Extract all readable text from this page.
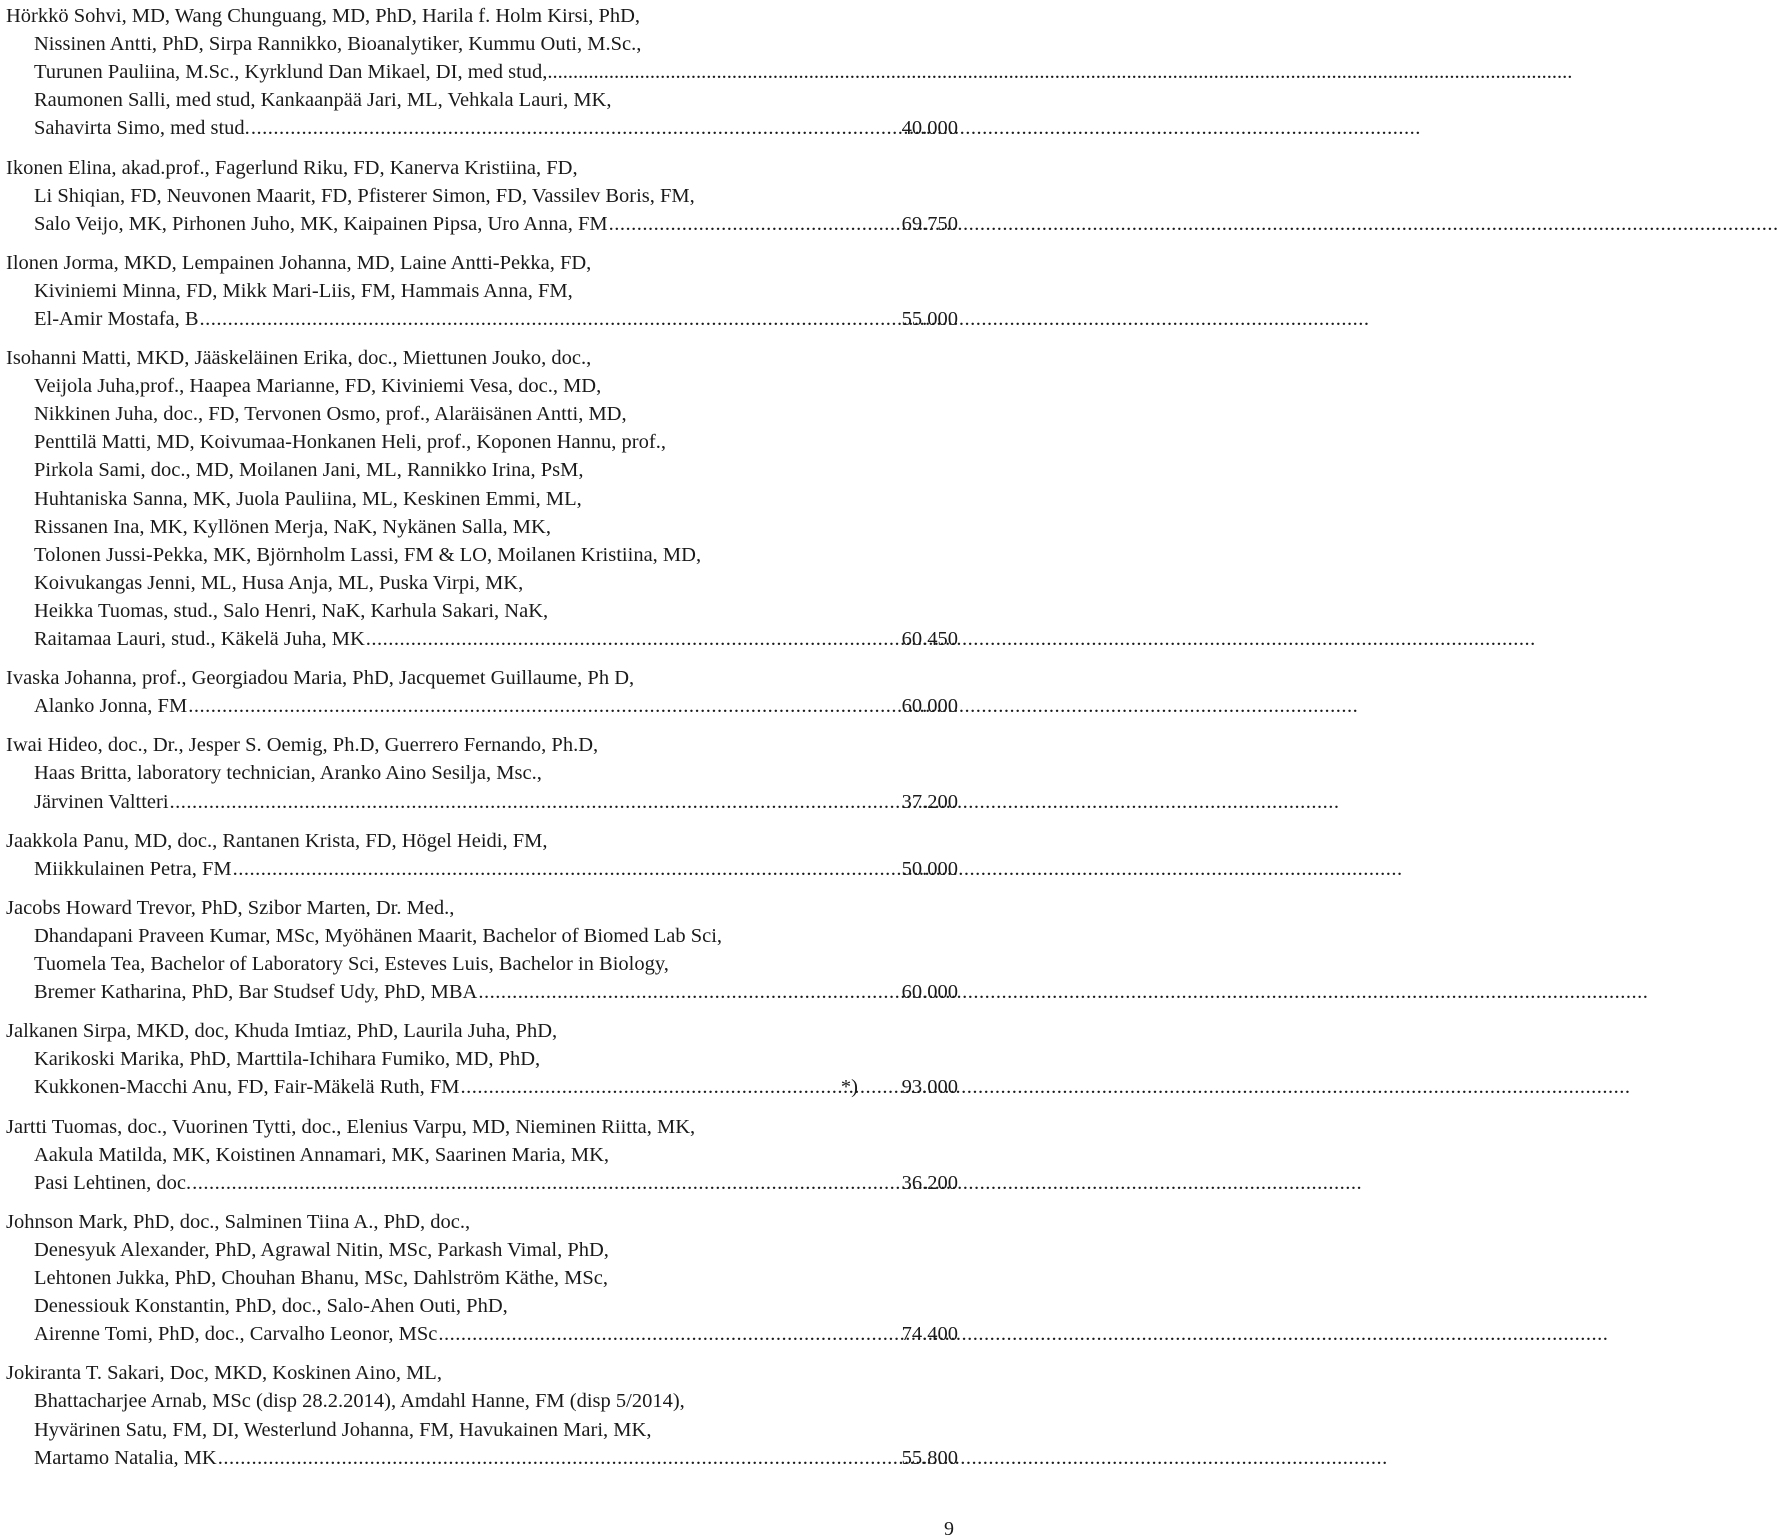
Hörkkö Sohvi, MD, Wang Chunguang, MD, PhD, Harila f. Holm Kirsi, PhD,
Nissinen Antti, PhD, Sirpa Rannikko, Bioanalytiker, Kummu Outi, M.Sc.,
Turunen Pauliina, M.Sc., Kyrklund Dan Mikael, DI, med stud, ........................................................................................................................................................................................................
Raumonen Salli, med stud, Kankaanpää Jari, ML, Vehkala Lauri, MK,
Sahavirta Simo, med stud. .....	40.000
Ikonen Elina, akad.prof., Fagerlund Riku, FD, Kanerva Kristiina, FD,
Li Shiqian, FD, Neuvonen Maarit, FD, Pfisterer Simon, FD, Vassilev Boris, FM,
Salo Veijo, MK, Pirhonen Juho, MK, Kaipainen Pipsa, Uro Anna, FM .....	69.750
Ilonen Jorma, MKD, Lempainen Johanna, MD, Laine Antti-Pekka, FD,
Kiviniemi Minna, FD, Mikk Mari-Liis, FM, Hammais Anna, FM,
El-Amir Mostafa, B .....	55.000
Isohanni Matti, MKD, Jääskeläinen Erika, doc., Miettunen Jouko, doc.,
Veijola Juha,prof., Haapea Marianne, FD, Kiviniemi Vesa, doc., MD,
Nikkinen Juha, doc., FD, Tervonen Osmo, prof., Alaräisänen Antti, MD,
Penttilä Matti, MD, Koivumaa-Honkanen Heli, prof., Koponen Hannu, prof.,
Pirkola Sami, doc., MD, Moilanen Jani, ML, Rannikko Irina, PsM,
Huhtaniska Sanna, MK, Juola Pauliina, ML, Keskinen Emmi, ML,
Rissanen Ina, MK, Kyllönen Merja, NaK, Nykänen Salla, MK,
Tolonen Jussi-Pekka, MK, Björnholm Lassi, FM & LO, Moilanen Kristiina, MD,
Koivukangas Jenni, ML, Husa Anja, ML, Puska Virpi, MK,
Heikka Tuomas, stud., Salo Henri, NaK, Karhula Sakari, NaK,
Raitamaa Lauri, stud., Käkelä Juha, MK .....	60.450
Ivaska Johanna, prof., Georgiadou Maria, PhD, Jacquemet Guillaume, Ph D,
Alanko Jonna, FM .....	60.000
Iwai Hideo, doc., Dr., Jesper S. Oemig, Ph.D, Guerrero Fernando, Ph.D,
Haas Britta, laboratory technician, Aranko Aino Sesilja, Msc.,
Järvinen Valtteri .....	37.200
Jaakkola Panu, MD, doc., Rantanen Krista, FD, Högel Heidi, FM,
Miikkulainen Petra, FM .....	50.000
Jacobs Howard Trevor, PhD, Szibor Marten, Dr. Med.,
Dhandapani Praveen Kumar, MSc, Myöhänen Maarit, Bachelor of Biomed Lab Sci,
Tuomela Tea, Bachelor of Laboratory Sci, Esteves Luis, Bachelor in Biology,
Bremer Katharina, PhD, Bar Studsef Udy, PhD, MBA .....	60.000
Jalkanen Sirpa, MKD, doc, Khuda Imtiaz, PhD, Laurila Juha, PhD,
Karikoski Marika, PhD, Marttila-Ichihara Fumiko, MD, PhD,
Kukkonen-Macchi Anu, FD, Fair-Mäkelä Ruth, FM .....	*)	93.000
Jartti Tuomas, doc., Vuorinen Tytti, doc., Elenius Varpu, MD, Nieminen Riitta, MK,
Aakula Matilda, MK, Koistinen Annamari, MK, Saarinen Maria, MK,
Pasi Lehtinen, doc. .....	36.200
Johnson Mark, PhD, doc., Salminen Tiina A., PhD, doc.,
Denesyuk Alexander, PhD, Agrawal Nitin, MSc, Parkash Vimal, PhD,
Lehtonen Jukka, PhD, Chouhan Bhanu, MSc, Dahlström Käthe, MSc,
Denessiouk Konstantin, PhD, doc., Salo-Ahen Outi, PhD,
Airenne Tomi, PhD, doc., Carvalho Leonor, MSc .....	74.400
Jokiranta T. Sakari, Doc, MKD, Koskinen Aino, ML,
Bhattacharjee Arnab, MSc (disp 28.2.2014), Amdahl Hanne, FM (disp 5/2014),
Hyvärinen Satu, FM, DI, Westerlund Johanna, FM, Havukainen Mari, MK,
Martamo Natalia, MK .....	55.800
9
